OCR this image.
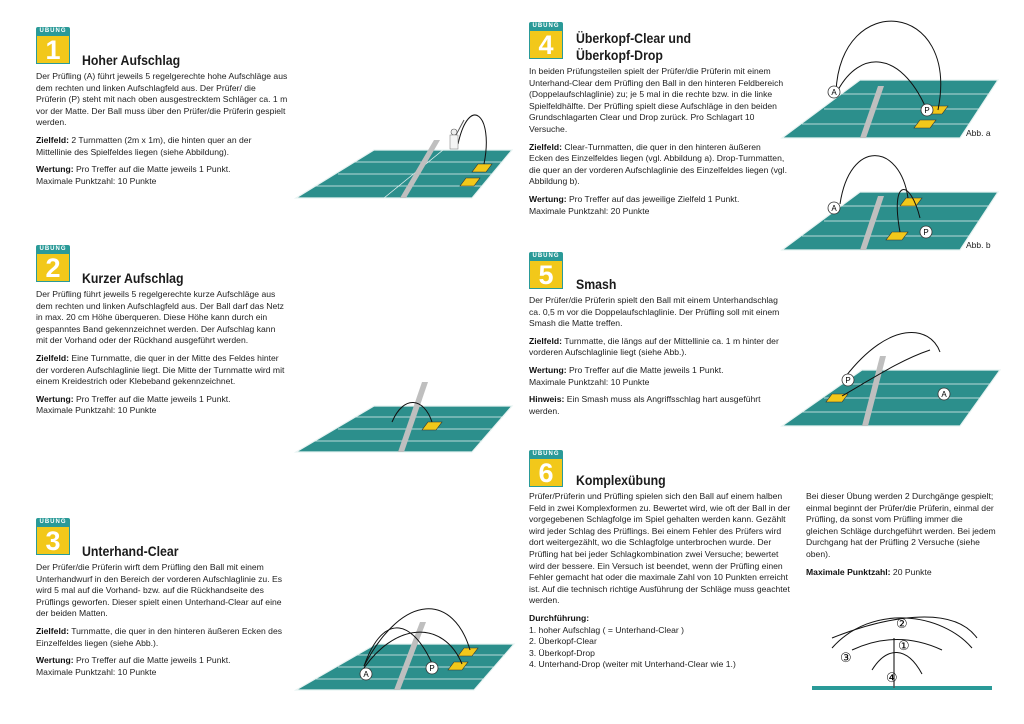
ÜBUNG
1	Hoher Aufschlag

Der Prüfling (A) führt jeweils 5 regelgerechte hohe Aufschläge aus dem rechten und linken Aufschlagfeld aus. Der Prüfer/ die Prüferin (P) steht mit nach oben ausgestrecktem Schläger ca. 1 m vor der Matte. Der Ball muss über den Prüfer/die Prüferin gespielt werden.

Zielfeld: 2 Turnmatten (2m x 1m), die hinten quer an der Mittellinie des Spielfeldes liegen (siehe Abbildung).

Wertung: Pro Treffer auf die Matte jeweils 1 Punkt.

Maximale Punktzahl: 10 Punkte

ÜBUNG
2	Kurzer Aufschlag

Der Prüfling führt jeweils 5 regelgerechte kurze Aufschläge aus dem rechten und linken Aufschlagfeld aus. Der Ball darf das Netz in max. 20 cm Höhe überqueren. Diese Höhe kann durch ein gespanntes Band gekennzeichnet werden. Der Aufschlag kann mit der Vorhand oder der Rückhand ausgeführt werden.

Zielfeld: Eine Turnmatte, die quer in der Mitte des Feldes hinter der vorderen Aufschlaglinie liegt. Die Mitte der Turnmatte wird mit einem Kreidestrich oder Klebeband gekennzeichnet.

Wertung: Pro Treffer auf die Matte jeweils 1 Punkt.

Maximale Punktzahl: 10 Punkte

ÜBUNG
3	Unterhand-Clear

Der Prüfer/die Prüferin wirft dem Prüfling den Ball mit einem Unterhandwurf in den Bereich der vorderen Aufschlaglinie zu. Es wird 5 mal auf die Vorhand- bzw. auf die Rückhandseite des Prüflings geworfen. Dieser spielt einen Unterhand-Clear auf eine der beiden Matten.

Zielfeld: Turnmatte, die quer in den hinteren äußeren Ecken des Einzelfeldes liegen (siehe Abb.).

Wertung: Pro Treffer auf die Matte jeweils 1 Punkt.

Maximale Punktzahl: 10 Punkte	A
P
ÜBUNG
4	Überkopf-Clear und
Überkopf-Drop

In beiden Prüfungsteilen spielt der Prüfer/die Prüferin mit einem Unterhand-Clear dem Prüfling den Ball in den hinteren Feldbereich (Doppelaufschlaglinie) zu; je 5 mal in die rechte bzw. in die linke Spielfeldhälfte. Der Prüfling spielt diese Aufschläge in den beiden Grundschlagarten Clear und Drop zurück. Pro Schlagart 10 Versuche.

Zielfeld: Clear-Turnmatten, die quer in den hinteren äußeren Ecken des Einzelfeldes liegen (vgl. Abbildung a). Drop-Turnmatten, die quer an der vorderen Aufschlaglinie des Einzelfeldes liegen (vgl. Abbildung b).

Wertung: Pro Treffer auf das jeweilige Zielfeld 1 Punkt.

Maximale Punktzahl: 20 Punkte

A
P
Abb. a
A
P
Abb. b
ÜBUNG
5	Smash

Der Prüfer/die Prüferin spielt den Ball mit einem Unterhandschlag ca. 0,5 m vor die Doppelaufschlaglinie. Der Prüfling soll mit einem Smash die Matte treffen.

Zielfeld: Turnmatte, die längs auf der Mittellinie ca. 1 m hinter der vorderen Aufschlaglinie liegt (siehe Abb.).

Wertung: Pro Treffer auf die Matte jeweils 1 Punkt.

Maximale Punktzahl: 10 Punkte

Hinweis: Ein Smash muss als Angriffsschlag hart ausgeführt werden.

P
A
ÜBUNG
6	Komplexübung

Prüfer/Prüferin und Prüfling spielen sich den Ball auf einem halben Feld in zwei Komplexformen zu. Bewertet wird, wie oft der Ball in der vorgegebenen Schlagfolge im Spiel gehalten werden kann. Gezählt wird jeder Schlag des Prüflings. Bei einem Fehler des Prüfers wird dort weitergezählt, wo die Schlagfolge unterbrochen wurde. Der Prüfling hat bei jeder Schlagkombination zwei Versuche; bewertet wird der bessere. Ein Versuch ist beendet, wenn der Prüfling einen Fehler gemacht hat oder die maximale Zahl von 10 Punkten erreicht ist. Auf die technisch richtige Ausführung der Schläge muss geachtet werden.

Durchführung:

1. hoher Aufschlag ( = Unterhand-Clear )
2. Überkopf-Clear
3. Überkopf-Drop
4. Unterhand-Drop (weiter mit Unterhand-Clear wie 1.)

Bei dieser Übung werden 2 Durchgänge gespielt; einmal beginnt der Prüfer/die Prüferin, einmal der Prüfling, da sonst vom Prüfling immer die gleichen Schläge durchgeführt werden. Bei jedem Durchgang hat der Prüfling 2 Versuche (siehe oben).

Maximale Punktzahl: 20 Punkte

②
①
③
④
